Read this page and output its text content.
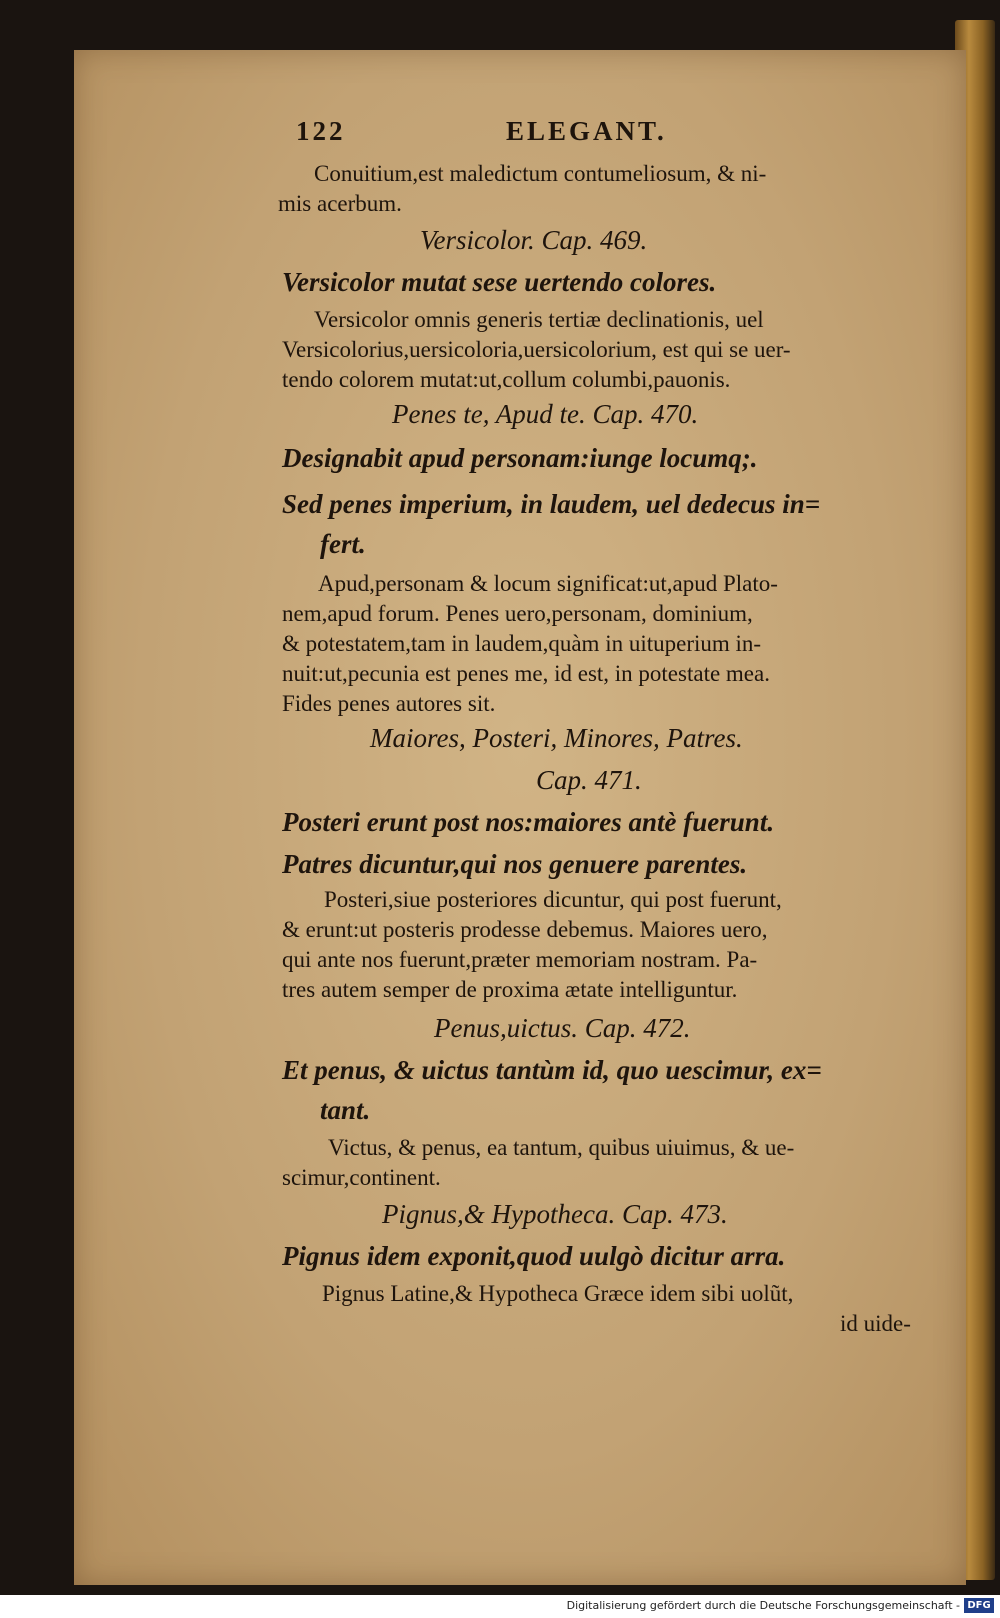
122	ELEGANT.
Conuitium,est maledictum contumeliosum, & ni-
mis acerbum.
Versicolor. Cap. 469.
Versicolor mutat sese uertendo colores.
Versicolor omnis generis tertiæ declinationis, uel
Versicolorius,uersicoloria,uersicolorium, est qui se uer-
tendo colorem mutat:ut,collum columbi,pauonis.
Penes te, Apud te. Cap. 470.
Designabit apud personam:iunge locumq;.
Sed penes imperium, in laudem, uel dedecus in=
fert.
Apud,personam & locum significat:ut,apud Plato-
nem,apud forum. Penes uero,personam, dominium,
& potestatem,tam in laudem,quàm in uituperium in-
nuit:ut,pecunia est penes me, id est, in potestate mea.
Fides penes autores sit.
Maiores, Posteri, Minores, Patres.
Cap. 471.
Posteri erunt post nos:maiores antè fuerunt.
Patres dicuntur,qui nos genuere parentes.
Posteri,siue posteriores dicuntur, qui post fuerunt,
& erunt:ut posteris prodesse debemus. Maiores uero,
qui ante nos fuerunt,præter memoriam nostram. Pa-
tres autem semper de proxima ætate intelliguntur.
Penus,uictus. Cap. 472.
Et penus, & uictus tantùm id, quo uescimur, ex=
tant.
Victus, & penus, ea tantum, quibus uiuimus, & ue-
scimur,continent.
Pignus,& Hypotheca. Cap. 473.
Pignus idem exponit,quod uulgò dicitur arra.
Pignus Latine,& Hypotheca Græce idem sibi uolũt,
id uide-
Digitalisierung gefördert durch die Deutsche Forschungsgemeinschaft - DFG
